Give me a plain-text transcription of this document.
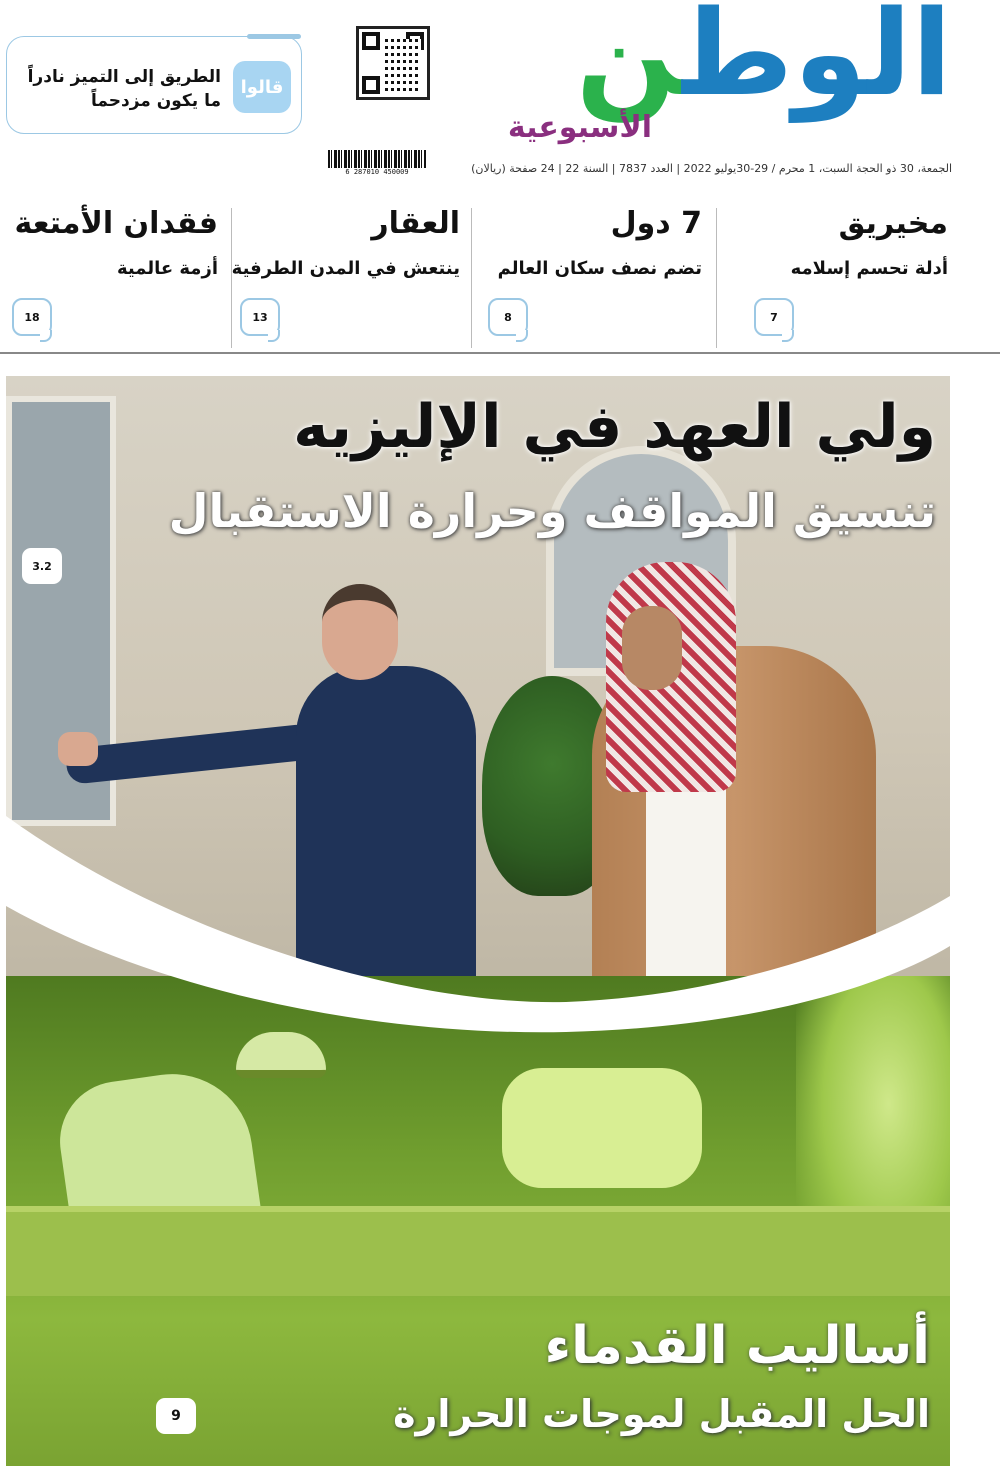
الوطن
الأسبوعية
الجمعة، 30 ذو الحجة السبت، 1 محرم / 29-30يوليو 2022 | العدد 7837 | السنة 22 | 24 صفحة (ريالان)
6 287010 450009
الطريق إلى التميز نادراً
ما يكون مزدحماً
قالوا
مخيريق
أدلة تحسم إسلامه
7
7 دول
تضم نصف سكان العالم
8
العقار
ينتعش في المدن الطرفية
13
فقدان الأمتعة
أزمة عالمية
18
ولي العهد في الإليزيه
تنسيق المواقف وحرارة الاستقبال
3.2
أساليب القدماء
الحل المقبل لموجات الحرارة
9
